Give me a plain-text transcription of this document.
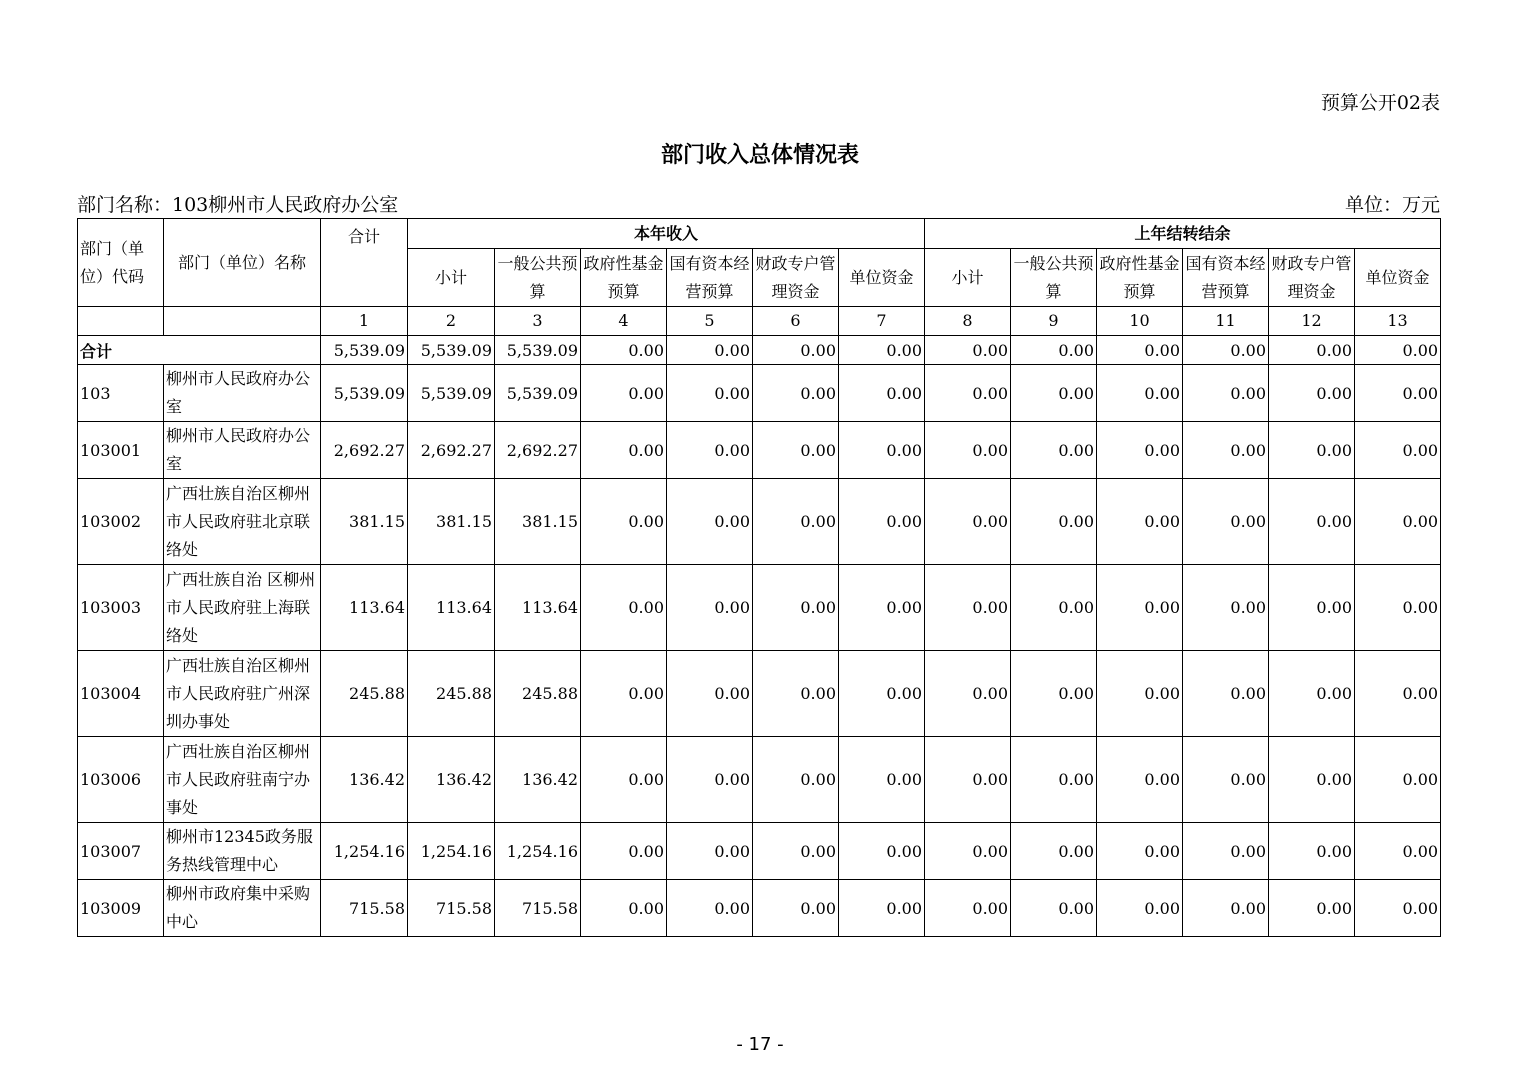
预算公开02表
部门收入总体情况表
部门名称：103柳州市人民政府办公室	单位：万元
部门（单位）代码	部门（单位）名称	合计	本年收入						上年结转结余					
			小计	一般公共预算	政府性基金预算	国有资本经营预算	财政专户管理资金	单位资金	小计	一般公共预算	政府性基金预算	国有资本经营预算	财政专户管理资金	单位资金
		1	2	3	4	5	6	7	8	9	10	11	12	13
合计		5,539.09	5,539.09	5,539.09	0.00	0.00	0.00	0.00	0.00	0.00	0.00	0.00	0.00	0.00
103	柳州市人民政府办公室	5,539.09	5,539.09	5,539.09	0.00	0.00	0.00	0.00	0.00	0.00	0.00	0.00	0.00	0.00
103001	柳州市人民政府办公室	2,692.27	2,692.27	2,692.27	0.00	0.00	0.00	0.00	0.00	0.00	0.00	0.00	0.00	0.00
103002	广西壮族自治区柳州市人民政府驻北京联络处	381.15	381.15	381.15	0.00	0.00	0.00	0.00	0.00	0.00	0.00	0.00	0.00	0.00
103003	广西壮族自治 区柳州市人民政府驻上海联络处	113.64	113.64	113.64	0.00	0.00	0.00	0.00	0.00	0.00	0.00	0.00	0.00	0.00
103004	广西壮族自治区柳州市人民政府驻广州深圳办事处	245.88	245.88	245.88	0.00	0.00	0.00	0.00	0.00	0.00	0.00	0.00	0.00	0.00
103006	广西壮族自治区柳州市人民政府驻南宁办事处	136.42	136.42	136.42	0.00	0.00	0.00	0.00	0.00	0.00	0.00	0.00	0.00	0.00
103007	柳州市12345政务服务热线管理中心	1,254.16	1,254.16	1,254.16	0.00	0.00	0.00	0.00	0.00	0.00	0.00	0.00	0.00	0.00
103009	柳州市政府集中采购中心	715.58	715.58	715.58	0.00	0.00	0.00	0.00	0.00	0.00	0.00	0.00	0.00	0.00
- 17 -
